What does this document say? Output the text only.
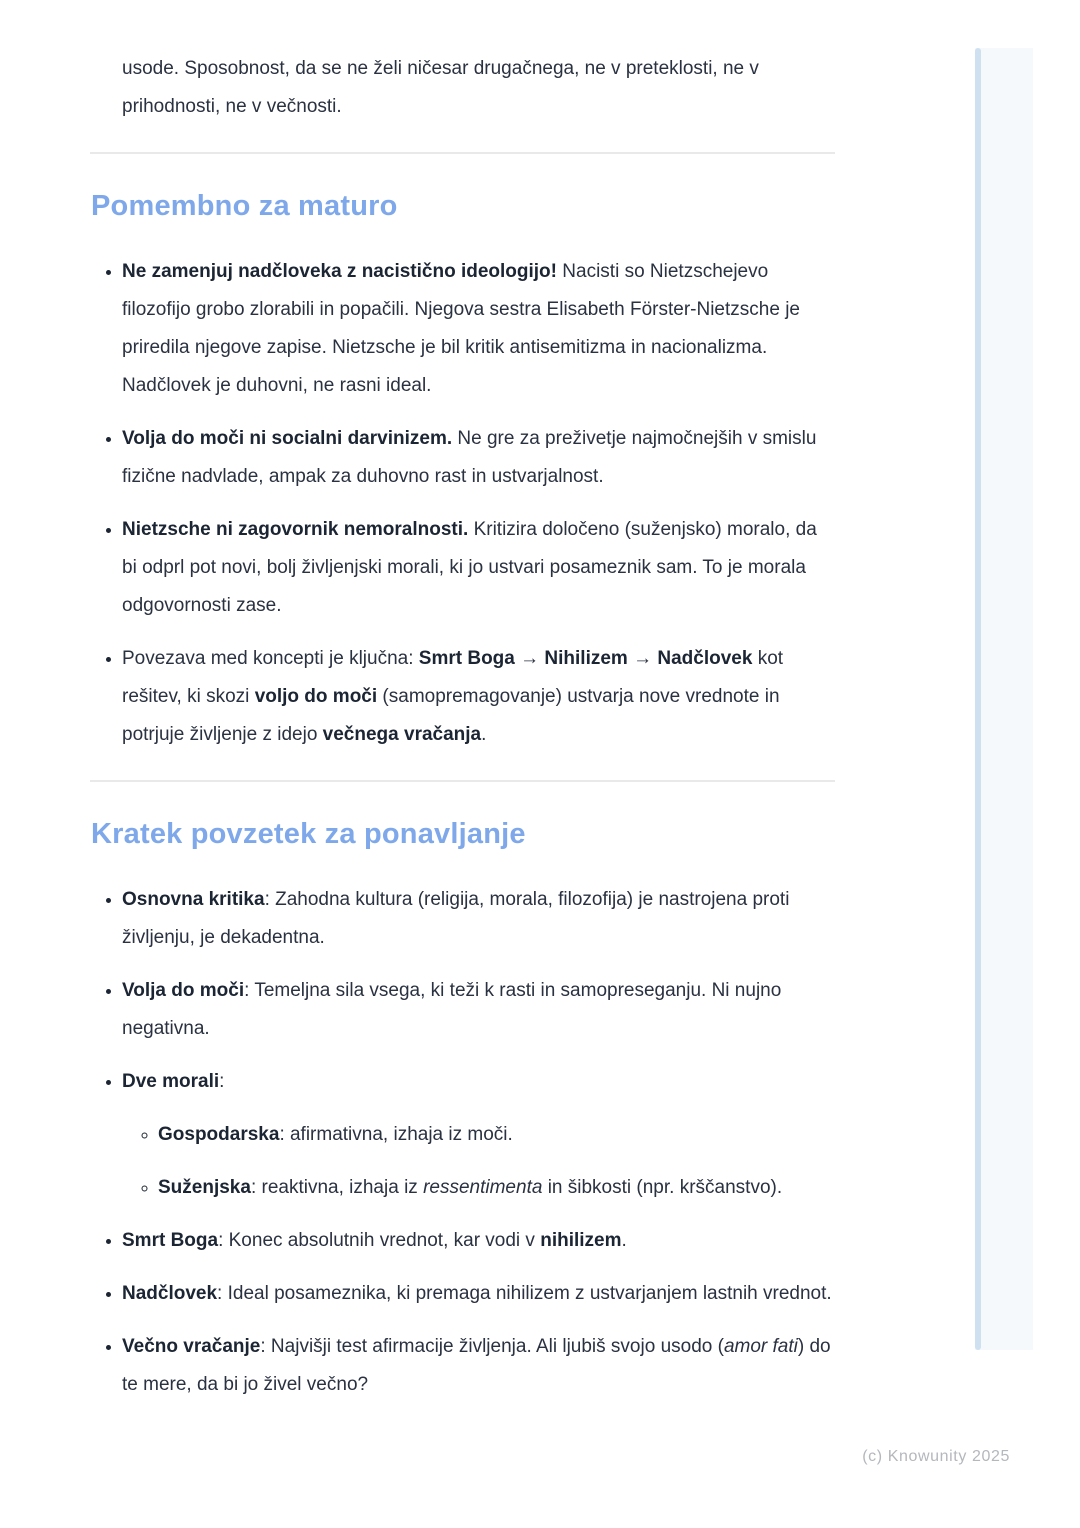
usode. Sposobnost, da se ne želi ničesar drugačnega, ne v preteklosti, ne v prihodnosti, ne v večnosti.

Pomembno za maturo
• Ne zamenjuj nadčloveka z nacistično ideologijo! Nacisti so Nietzschejevo filozofijo grobo zlorabili in popačili. Njegova sestra Elisabeth Förster-Nietzsche je priredila njegove zapise. Nietzsche je bil kritik antisemitizma in nacionalizma. Nadčlovek je duhovni, ne rasni ideal.
• Volja do moči ni socialni darvinizem. Ne gre za preživetje najmočnejših v smislu fizične nadvlade, ampak za duhovno rast in ustvarjalnost.
• Nietzsche ni zagovornik nemoralnosti. Kritizira določeno (suženjsko) moralo, da bi odprl pot novi, bolj življenjski morali, ki jo ustvari posameznik sam. To je morala odgovornosti zase.
• Povezava med koncepti je ključna: Smrt Boga → Nihilizem → Nadčlovek kot rešitev, ki skozi voljo do moči (samopremagovanje) ustvarja nove vrednote in potrjuje življenje z idejo večnega vračanja.
Kratek povzetek za ponavljanje
• Osnovna kritika: Zahodna kultura (religija, morala, filozofija) je nastrojena proti življenju, je dekadentna.
• Volja do moči: Temeljna sila vsega, ki teži k rasti in samopreseganju. Ni nujno negativna.
• Dve morali:
◦ Gospodarska: afirmativna, izhaja iz moči.
◦ Suženjska: reaktivna, izhaja iz ressentimenta in šibkosti (npr. krščanstvo).
• Smrt Boga: Konec absolutnih vrednot, kar vodi v nihilizem.
• Nadčlovek: Ideal posameznika, ki premaga nihilizem z ustvarjanjem lastnih vrednot.
• Večno vračanje: Najvišji test afirmacije življenja. Ali ljubiš svojo usodo (amor fati) do te mere, da bi jo živel večno?
(c) Knowunity 2025
